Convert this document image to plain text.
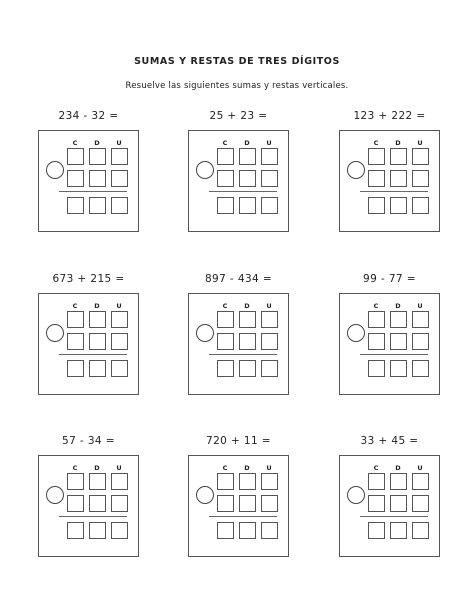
SUMAS Y RESTAS DE TRES DÍGITOS
Resuelve las siguientes sumas y restas verticales.
234 - 32 =
C	D	U
25 + 23 =
C	D	U
123 + 222 =
C	D	U
673 + 215 =
C	D	U
897 - 434 =
C	D	U
99 - 77 =
C	D	U
57 - 34 =
C	D	U
720 + 11 =
C	D	U
33 + 45 =
C	D	U
